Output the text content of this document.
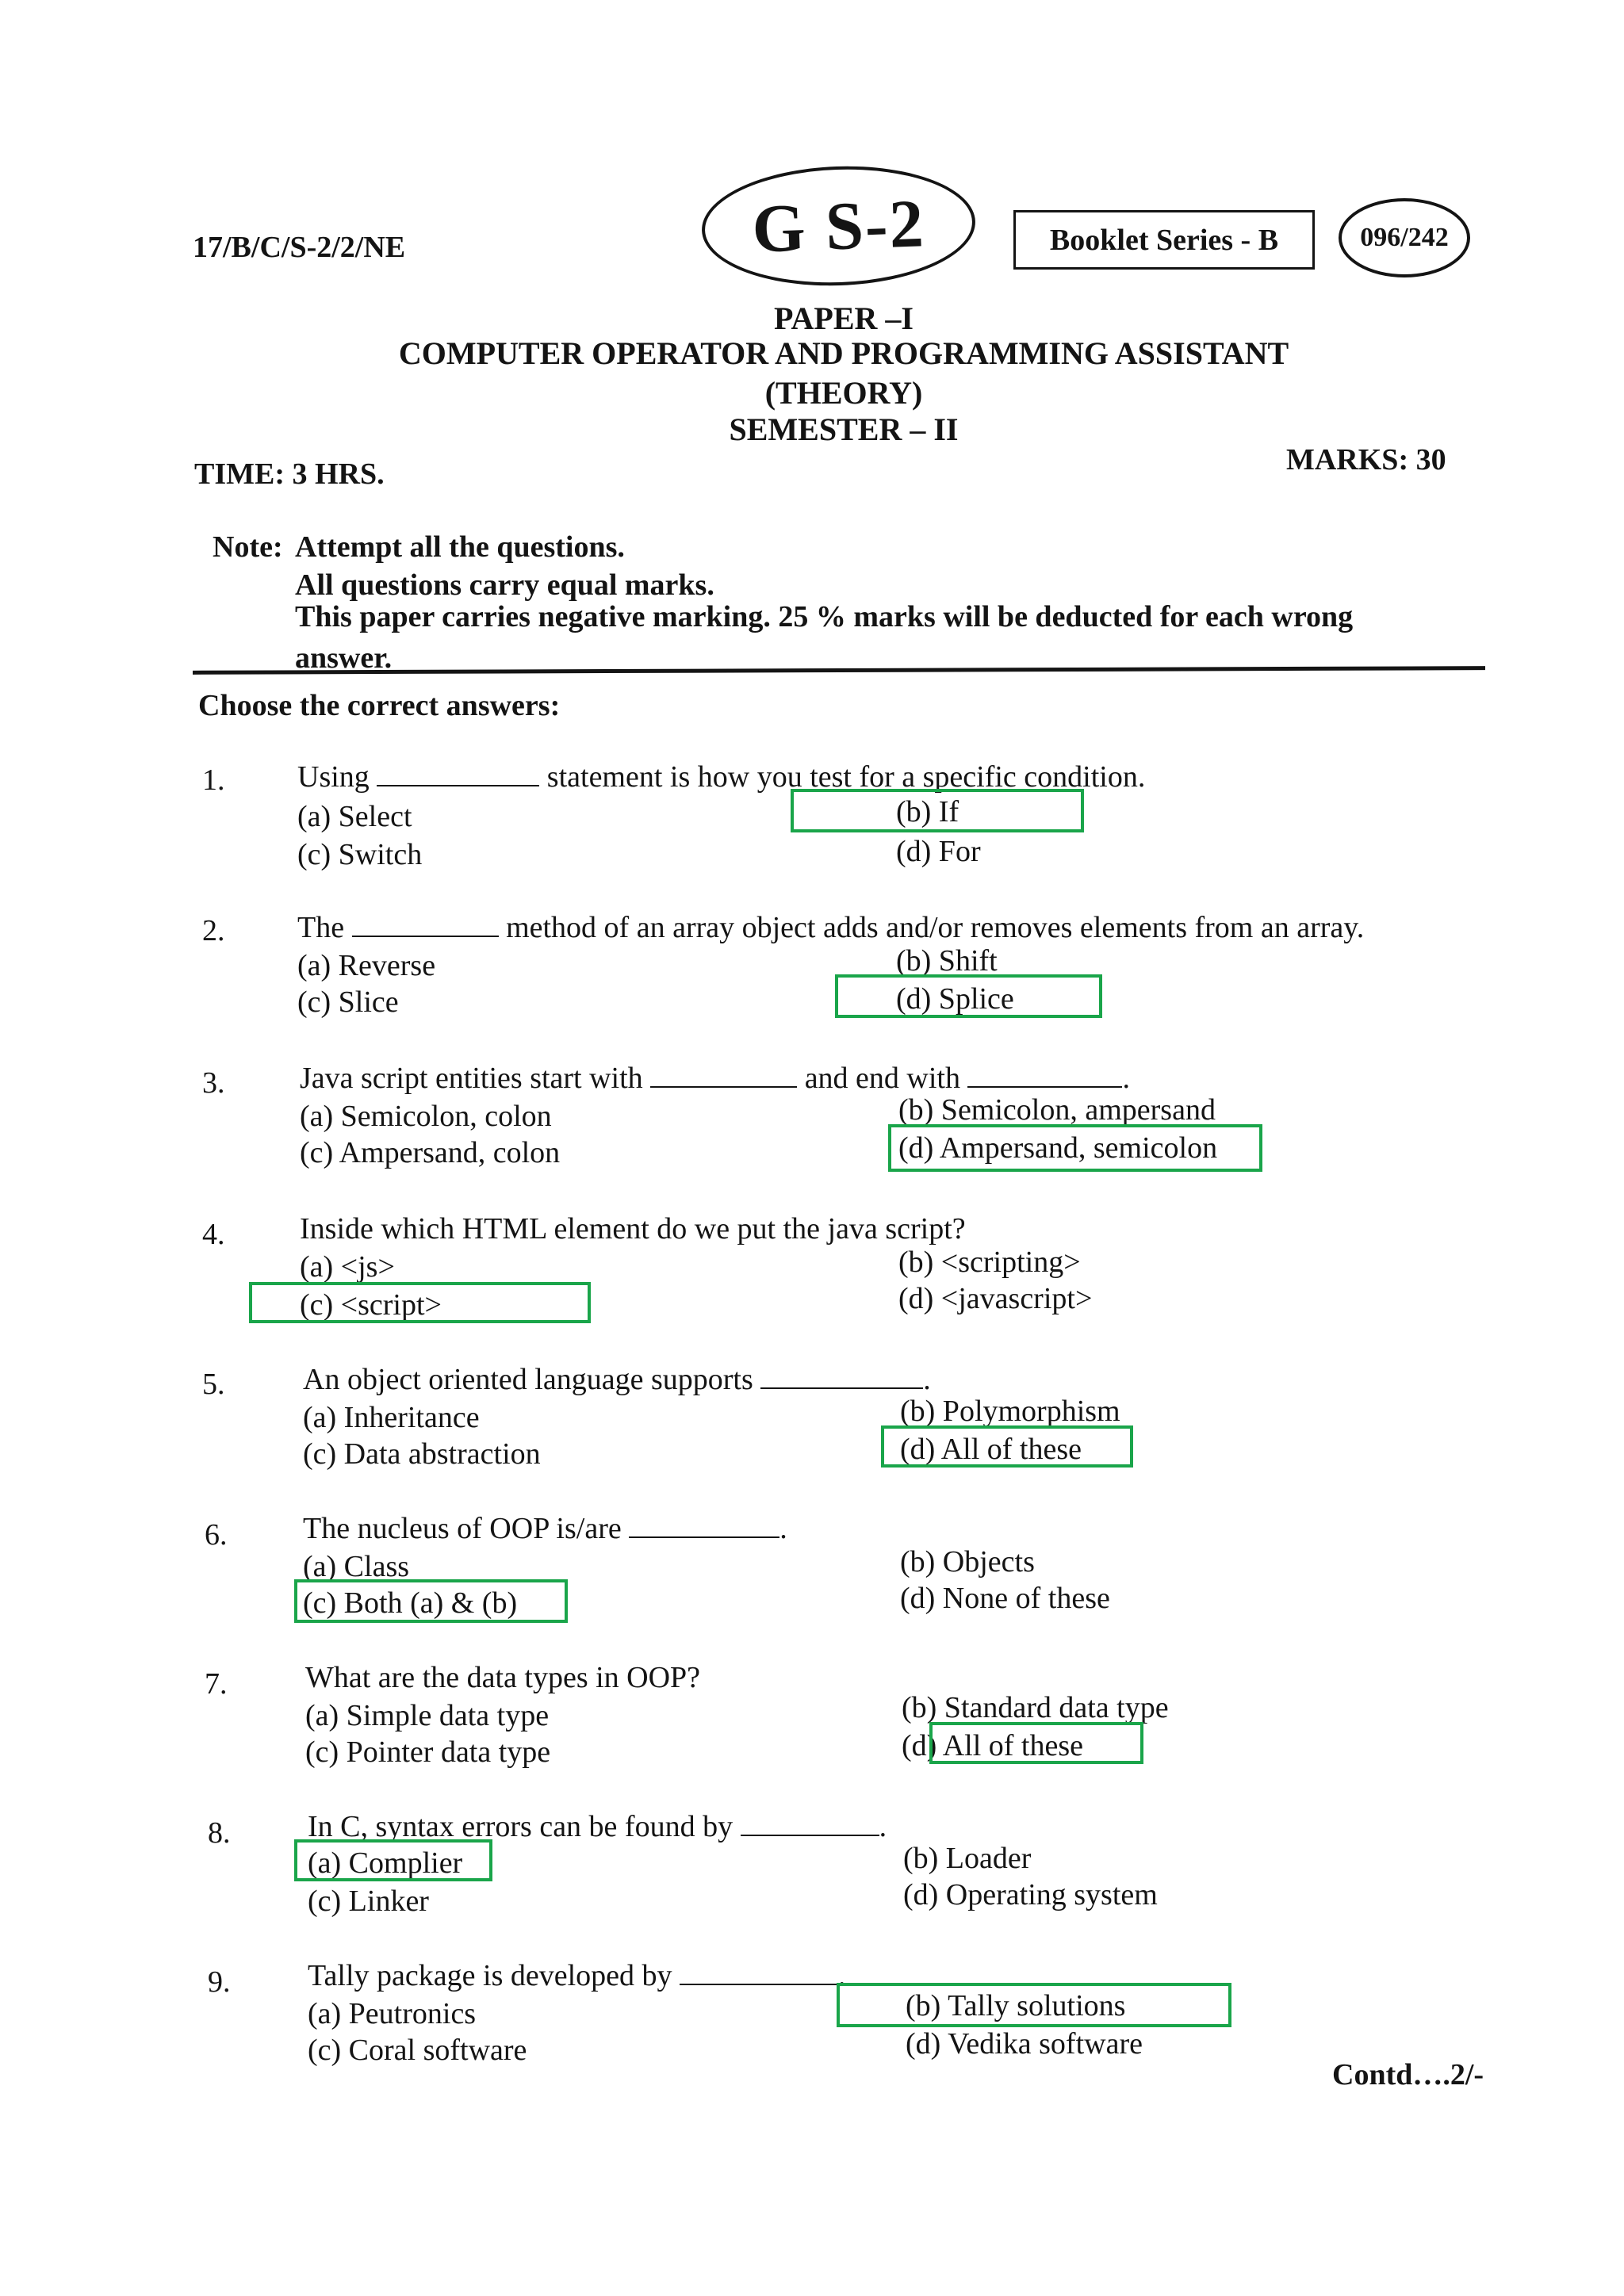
17/B/C/S-2/2/NE	G S-2	Booklet Series - B	096/242
PAPER –I
COMPUTER OPERATOR AND PROGRAMMING ASSISTANT
(THEORY)
SEMESTER – II
TIME: 3 HRS.	MARKS: 30
Note: Attempt all the questions.
All questions carry equal marks.
This paper carries negative marking. 25 % marks will be deducted for each wrong
answer.
Choose the correct answers:
1.	Using	statement is how you test for a specific condition.
(a) Select	(b) If
(c) Switch	(d) For
2.	The	method of an array object adds and/or removes elements from an array.
(a) Reverse	(b) Shift
(c) Slice	(d) Splice
3.	Java script entities start with	and end with	.
(a) Semicolon, colon	(b) Semicolon, ampersand
(c) Ampersand, colon	(d) Ampersand, semicolon
4.	Inside which HTML element do we put the java script?
(a) <js>	(b) <scripting>
(c) <script>	(d) <javascript>
5.	An object oriented language supports	.
(a) Inheritance	(b) Polymorphism
(c) Data abstraction	(d) All of these
6.	The nucleus of OOP is/are	.
(a) Class	(b) Objects
(c) Both (a) & (b)	(d) None of these
7.	What are the data types in OOP?
(a) Simple data type	(b) Standard data type
(c) Pointer data type	(d) All of these
8.	In C, syntax errors can be found by	.
(a) Complier	(b) Loader
(c) Linker	(d) Operating system
9.	Tally package is developed by	.
(a) Peutronics	(b) Tally solutions
(c) Coral software	(d) Vedika software
Contd….2/-
